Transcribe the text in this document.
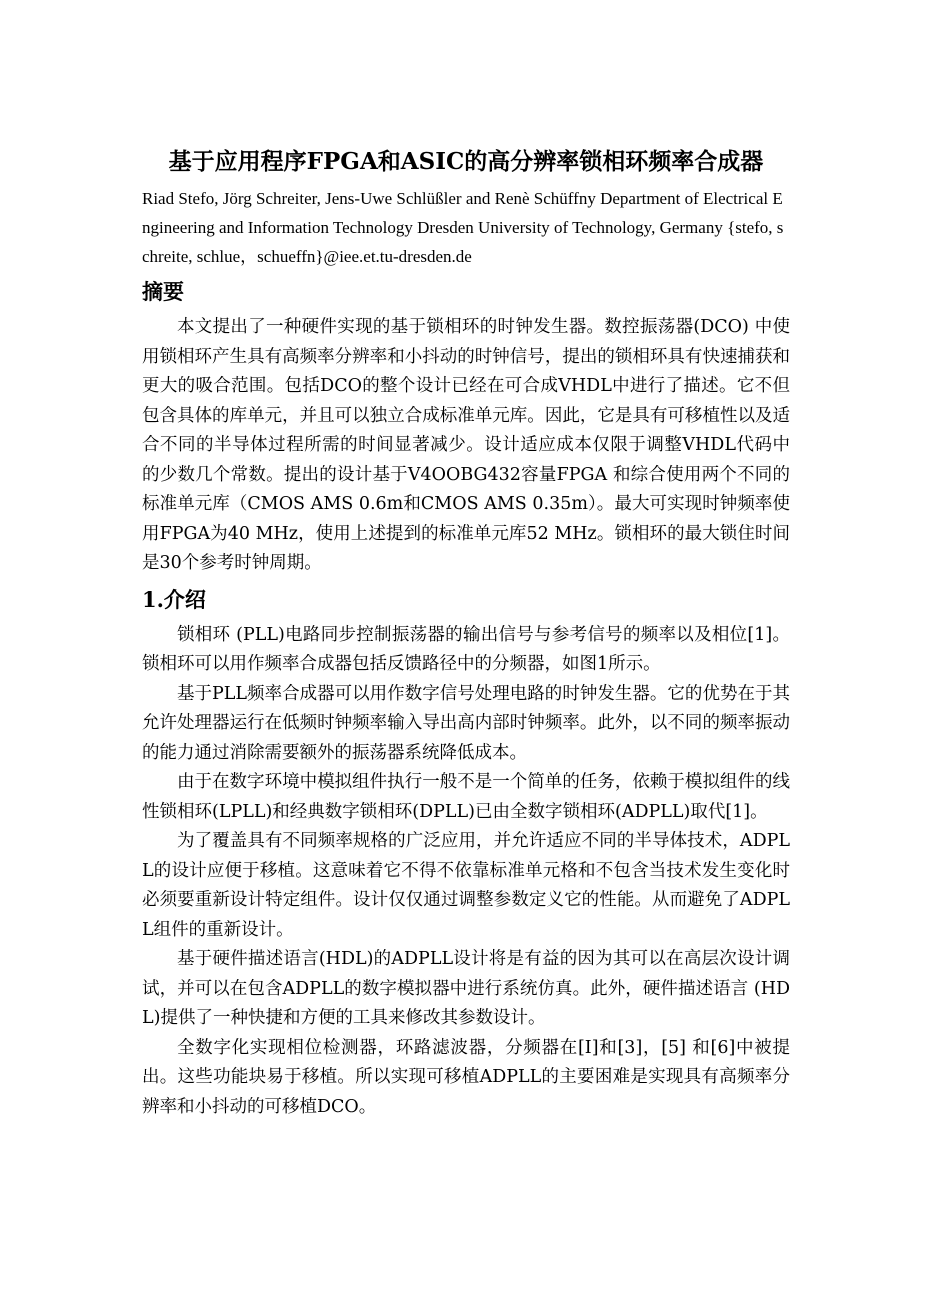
基于应用程序FPGA和ASIC的高分辨率锁相环频率合成器

Riad Stefo, Jörg Schreiter, Jens-Uwe Schlüßler and Renè Schüffny Department of Electrical Engineering and Information Technology Dresden University of Technology, Germany {stefo, schreite, schlue，schueffn}@iee.et.tu-dresden.de

摘要

本文提出了一种硬件实现的基于锁相环的时钟发生器。数控振荡器(DCO) 中使用锁相环产生具有高频率分辨率和小抖动的时钟信号，提出的锁相环具有快速捕获和更大的吸合范围。包括DCO的整个设计已经在可合成VHDL中进行了描述。它不但包含具体的库单元，并且可以独立合成标准单元库。因此，它是具有可移植性以及适合不同的半导体过程所需的时间显著减少。设计适应成本仅限于调整VHDL代码中的少数几个常数。提出的设计基于V4OOBG432容量FPGA 和综合使用两个不同的标准单元库（CMOS AMS 0.6m和CMOS AMS 0.35m）。最大可实现时钟频率使用FPGA为40 MHz，使用上述提到的标准单元库52 MHz。锁相环的最大锁住时间是30个参考时钟周期。

1.介绍

锁相环 (PLL)电路同步控制振荡器的输出信号与参考信号的频率以及相位[1]。锁相环可以用作频率合成器包括反馈路径中的分频器，如图1所示。

基于PLL频率合成器可以用作数字信号处理电路的时钟发生器。它的优势在于其允许处理器运行在低频时钟频率输入导出高内部时钟频率。此外，以不同的频率振动的能力通过消除需要额外的振荡器系统降低成本。

由于在数字环境中模拟组件执行一般不是一个简单的任务，依赖于模拟组件的线性锁相环(LPLL)和经典数字锁相环(DPLL)已由全数字锁相环(ADPLL)取代[1]。

为了覆盖具有不同频率规格的广泛应用，并允许适应不同的半导体技术，ADPLL的设计应便于移植。这意味着它不得不依靠标准单元格和不包含当技术发生变化时必须要重新设计特定组件。设计仅仅通过调整参数定义它的性能。从而避免了ADPLL组件的重新设计。

基于硬件描述语言(HDL)的ADPLL设计将是有益的因为其可以在高层次设计调试，并可以在包含ADPLL的数字模拟器中进行系统仿真。此外，硬件描述语言 (HDL)提供了一种快捷和方便的工具来修改其参数设计。

全数字化实现相位检测器，环路滤波器，分频器在[I]和[3]，[5] 和[6]中被提出。这些功能块易于移植。所以实现可移植ADPLL的主要困难是实现具有高频率分辨率和小抖动的可移植DCO。
